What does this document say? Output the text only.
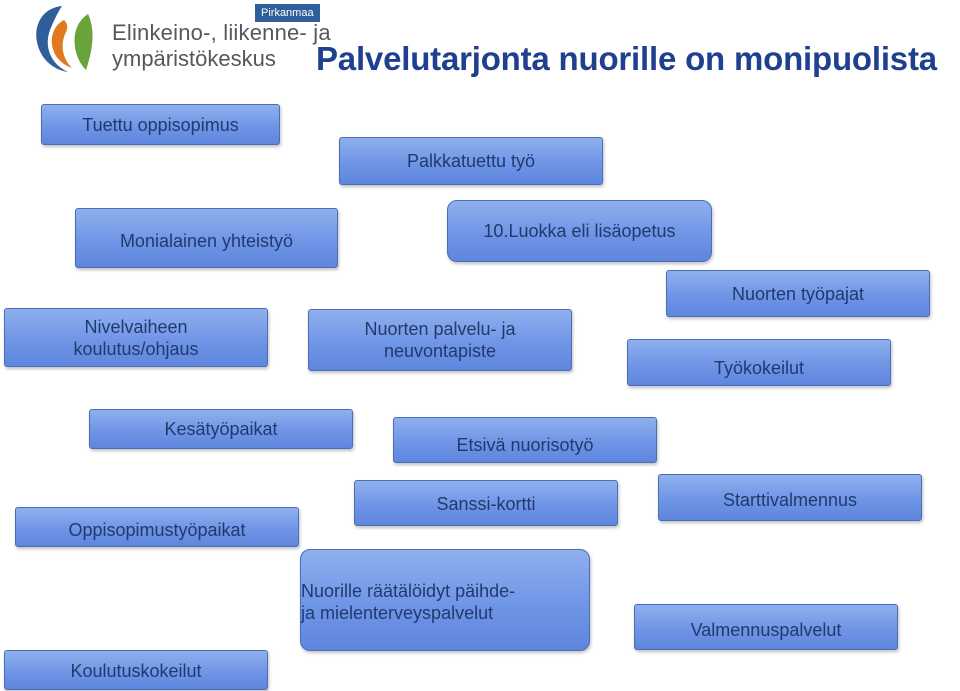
Pirkanmaa
Elinkeino-, liikenne- ja
ympäristökeskus Palvelutarjonta nuorille on monipuolista
Tuettu oppisopimus
Palkkatuettu työ
Monialainen yhteistyö	10.Luokka eli lisäopetus
Nivelvaiheen
koulutus/ohjaus
Nuorten palvelu- ja
neuvontapiste
Nuorten työpajat
Työkokeilut
Kesätyöpaikat
Etsivä nuorisotyö
Oppisopimustyöpaikat
Sanssi-kortti	Starttivalmennus
Nuorille räätälöidyt päihde-
ja mielenterveyspalvelut
Valmennuspalvelut
Koulutuskokeilut
